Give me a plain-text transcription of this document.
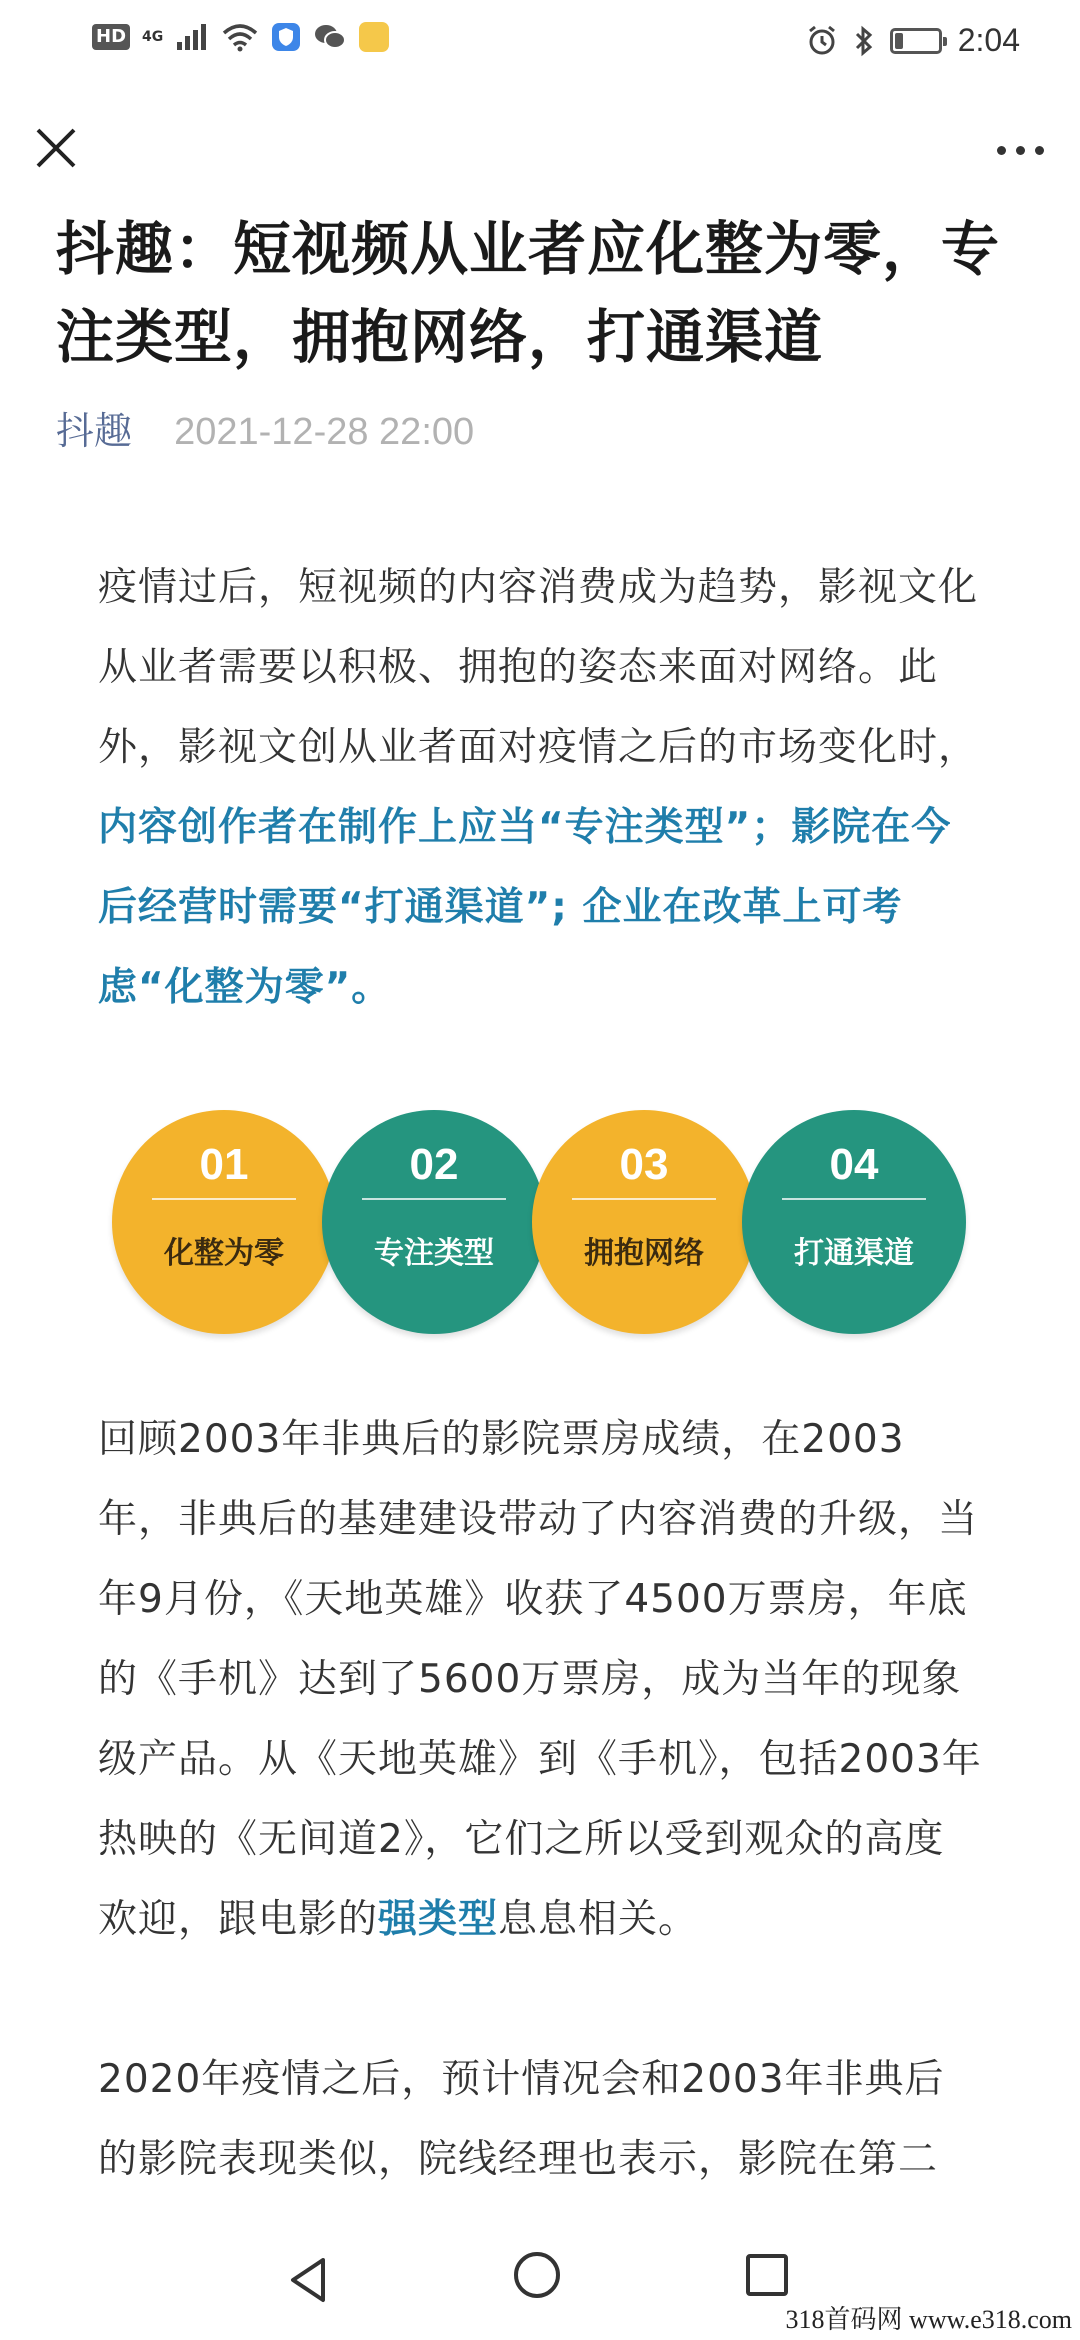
HD 4G	2:04
抖趣：短视频从业者应化整为零，专注类型，拥抱网络，打通渠道
抖趣 2021-12-28 22:00

疫情过后，短视频的内容消费成为趋势，影视文化从业者需要以积极、拥抱的姿态来面对网络。此外，影视文创从业者面对疫情之后的市场变化时，内容创作者在制作上应当“专注类型”；影院在今后经营时需要“打通渠道”; 企业在改革上可考虑“化整为零”。

01
化整为零
02
专注类型
03
拥抱网络
04
打通渠道

回顾2003年非典后的影院票房成绩，在2003年，非典后的基建建设带动了内容消费的升级，当年9月份，《天地英雄》收获了4500万票房，年底的《手机》达到了5600万票房，成为当年的现象级产品。从《天地英雄》到《手机》，包括2003年热映的《无间道2》，它们之所以受到观众的高度欢迎，跟电影的强类型息息相关。

2020年疫情之后，预计情况会和2003年非典后的影院表现类似，院线经理也表示，影院在第二

318首码网 www.e318.com
